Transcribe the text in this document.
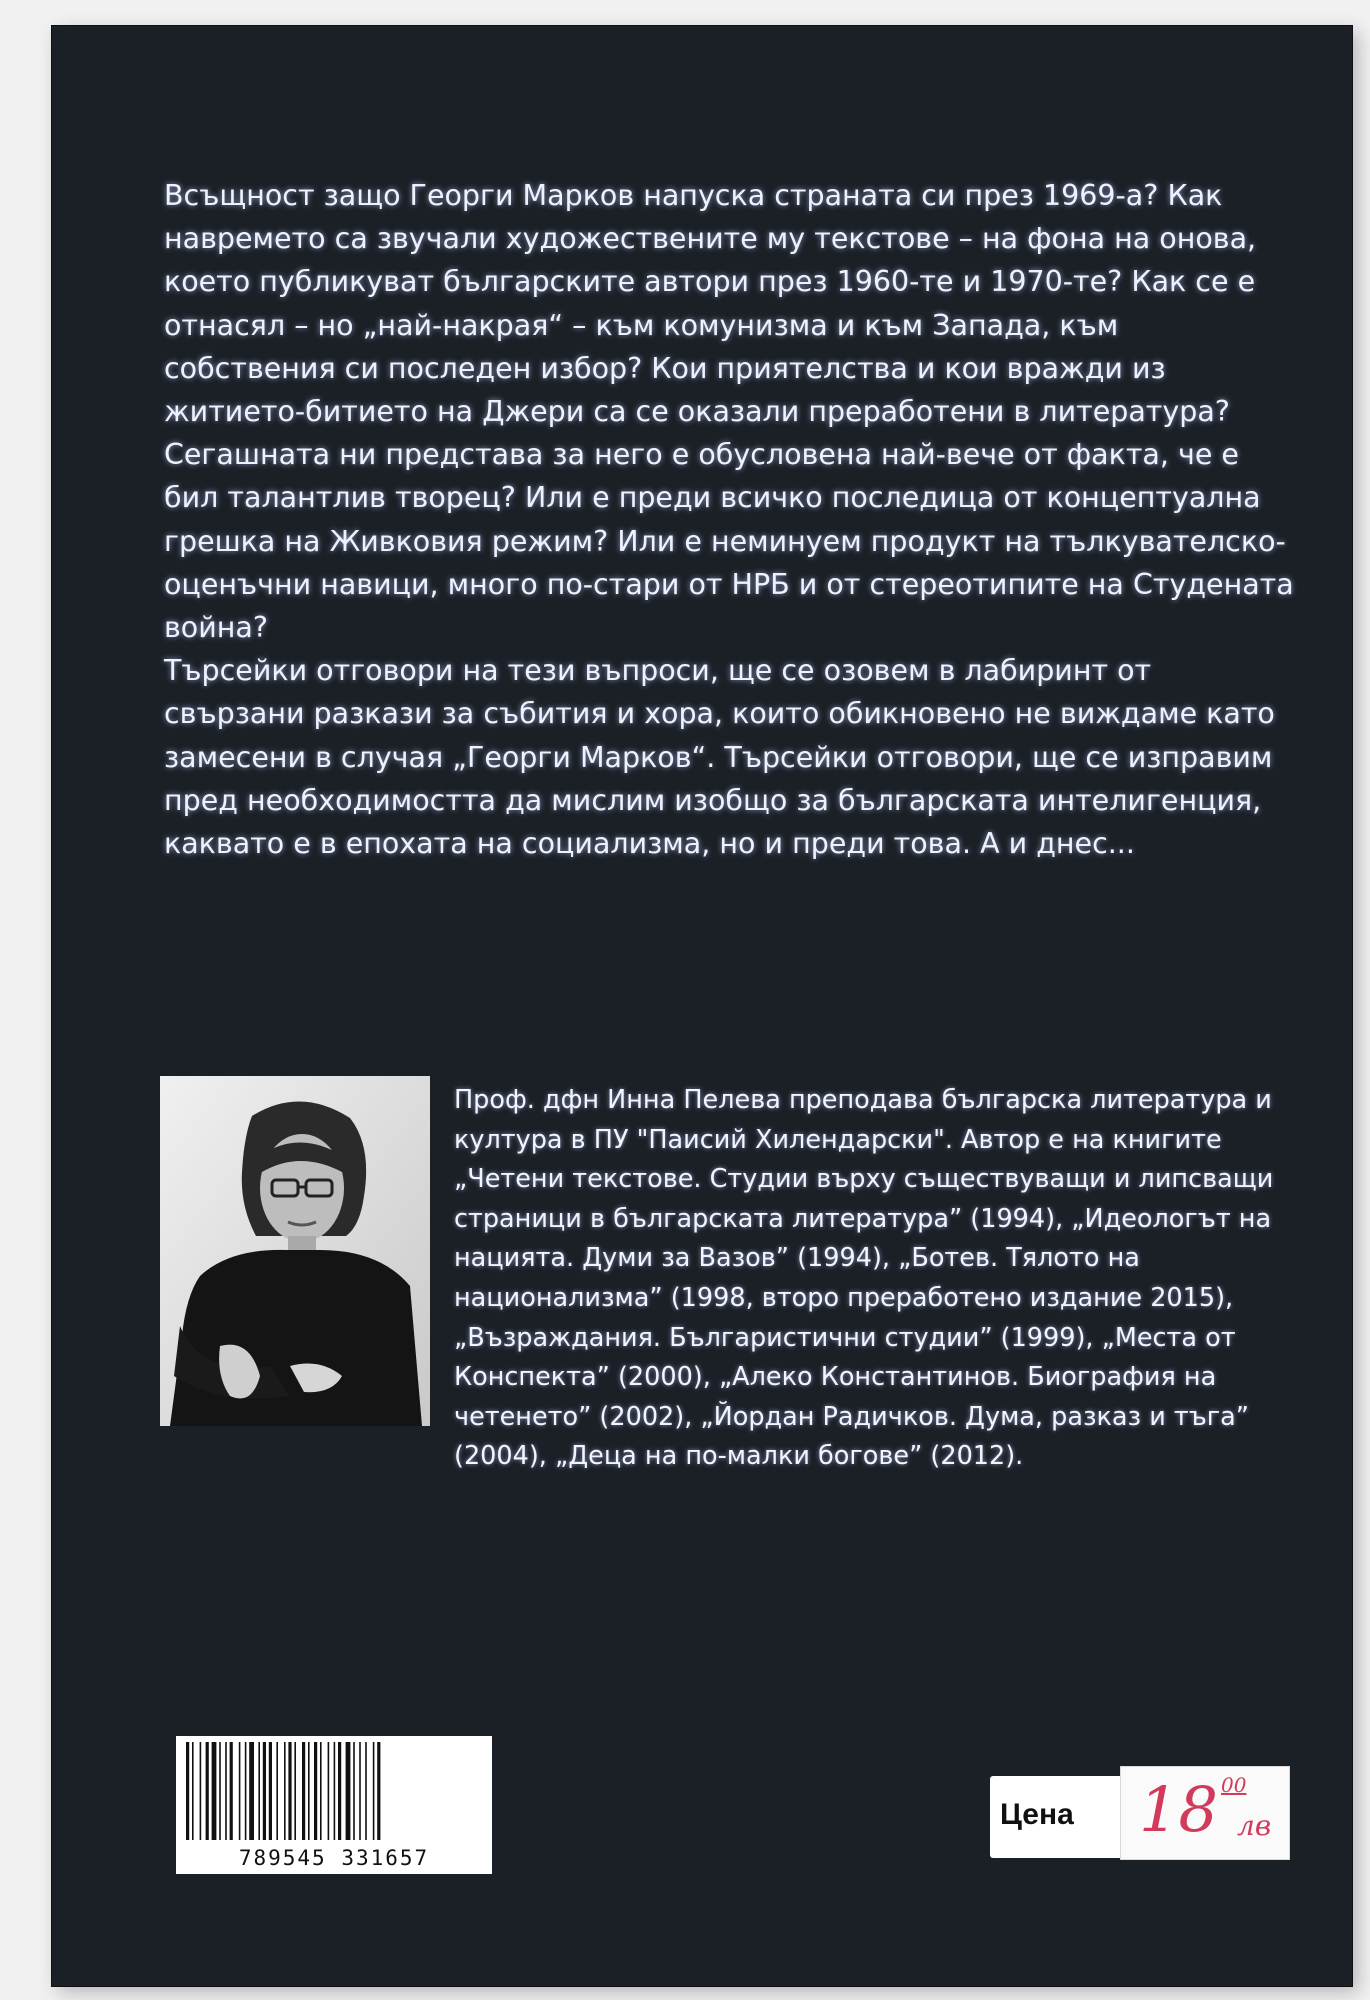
Всъщност защо Георги Марков напуска страната си през 1969-а? Как навремето са звучали художествените му текстове – на фона на онова, което публикуват българските автори през 1960-те и 1970-те? Как се е отнасял – но „най-накрая“ – към комунизма и към Запада, към собствения си последен избор? Кои приятелства и кои вражди из житието-битието на Джери са се оказали преработени в литература? Сегашната ни представа за него е обусловена най-вече от факта, че е бил талантлив творец? Или е преди всичко последица от концептуална грешка на Живковия режим? Или е неминуем продукт на тълкувателско-оценъчни навици, много по-стари от НРБ и от стереотипите на Студената война?

Търсейки отговори на тези въпроси, ще се озовем в лабиринт от свързани разкази за събития и хора, които обикновено не виждаме като замесени в случая „Георги Марков“. Търсейки отговори, ще се изправим пред необходимостта да мислим изобщо за българската интелигенция, каквато е в епохата на социализма, но и преди това. А и днес...

Проф. дфн Инна Пелева преподава българска литература и култура в ПУ "Паисий Хилендарски". Автор е на книгите „Четени текстове. Студии върху съществуващи и липсващи страници в българската литература” (1994), „Идеологът на нацията. Думи за Вазов” (1994), „Ботев. Тялото на национализма” (1998, второ преработено издание 2015), „Възраждания. Българистични студии” (1999), „Места от Конспекта” (2000), „Алеко Константинов. Биография на четенето” (2002), „Йордан Радичков. Дума, разказ и тъга” (2004), „Деца на по-малки богове” (2012).

789545 331657
Цена 18 00
лв
